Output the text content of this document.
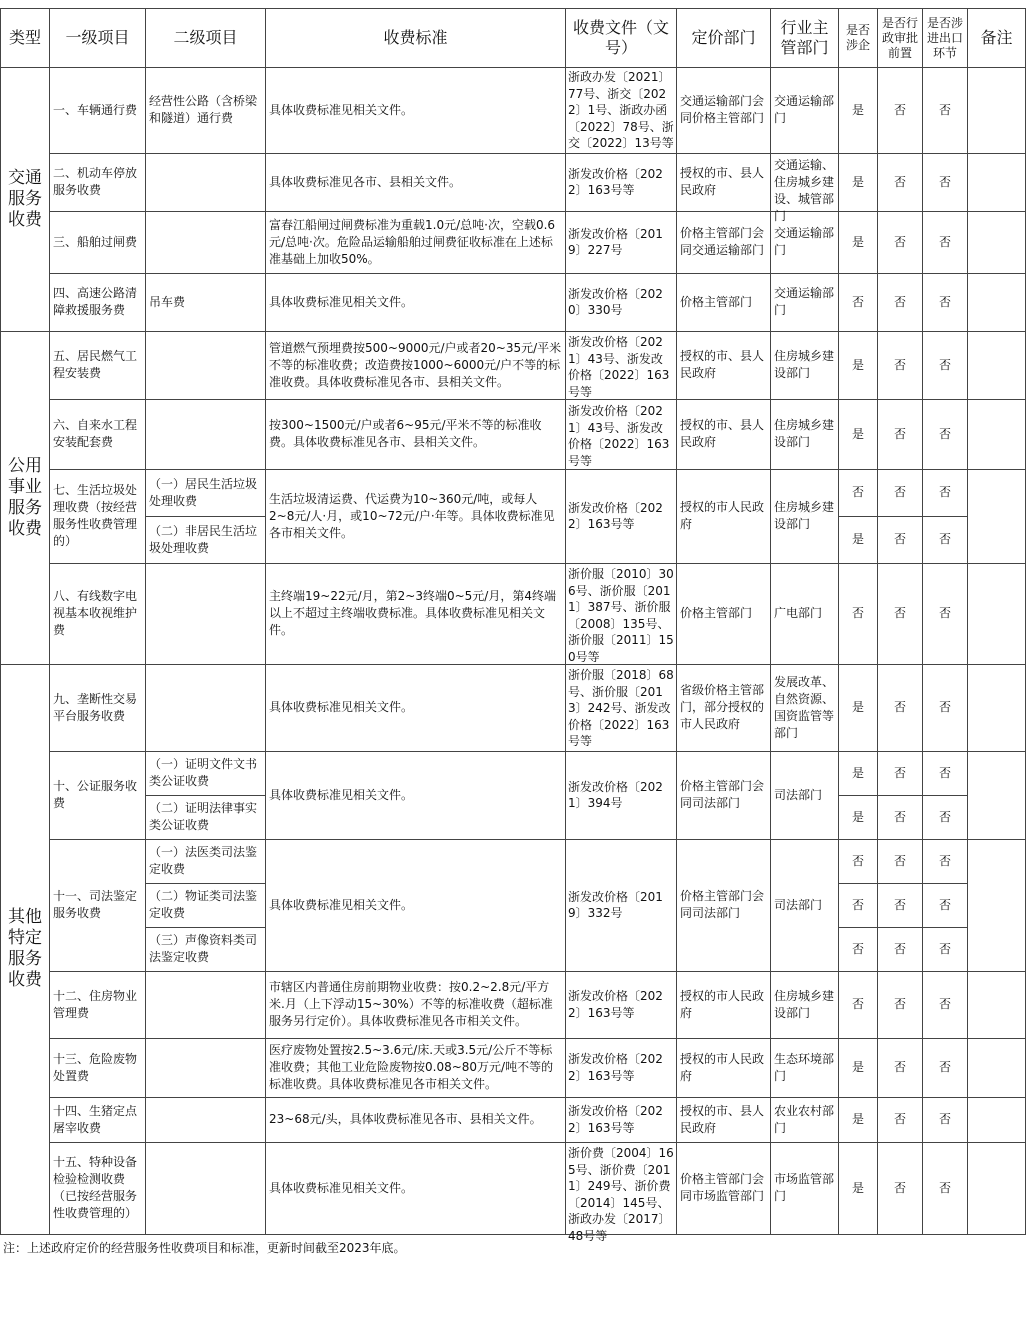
类型	一级项目	二级项目	收费标准	收费文件（文号）	定价部门	行业主管部门	是否涉企	是否行政审批前置	是否涉进出口环节	备注
交通服务收费	一、车辆通行费	经营性公路（含桥梁和隧道）通行费	具体收费标准见相关文件。	浙政办发〔2021〕77号、浙交〔2022〕1号、浙政办函〔2022〕78号、浙交〔2022〕13号等	交通运输部门会同价格主管部门	交通运输部门	是	否	否	
	二、机动车停放服务收费		具体收费标准见各市、县相关文件。	浙发改价格〔2022〕163号等	授权的市、县人民政府	交通运输、住房城乡建设、城管部门	是	否	否	
	三、船舶过闸费		富春江船闸过闸费标准为重载1.0元/总吨·次，空载0.6元/总吨·次。危险品运输船舶过闸费征收标准在上述标准基础上加收50%。	浙发改价格〔2019〕227号	价格主管部门会同交通运输部门	交通运输部门	是	否	否	
	四、高速公路清障救援服务费	吊车费	具体收费标准见相关文件。	浙发改价格〔2020〕330号	价格主管部门	交通运输部门	否	否	否	
公用事业服务收费	五、居民燃气工程安装费		管道燃气预埋费按500~9000元/户或者20~35元/平米不等的标准收费；改造费按1000~6000元/户不等的标准收费。具体收费标准见各市、县相关文件。	浙发改价格〔2021〕43号、浙发改价格〔2022〕163号等	授权的市、县人民政府	住房城乡建设部门	是	否	否	
	六、自来水工程安装配套费		按300~1500元/户或者6~95元/平米不等的标准收费。具体收费标准见各市、县相关文件。	浙发改价格〔2021〕43号、浙发改价格〔2022〕163号等	授权的市、县人民政府	住房城乡建设部门	是	否	否	
	七、生活垃圾处理收费（按经营服务性收费管理的）	（一）居民生活垃圾处理收费	生活垃圾清运费、代运费为10~360元/吨，或每人2~8元/人·月，或10~72元/户·年等。具体收费标准见各市相关文件。	浙发改价格〔2022〕163号等	授权的市人民政府	住房城乡建设部门	否	否	否	
		（二）非居民生活垃圾处理收费					是	否	否	
	八、有线数字电视基本收视维护费		主终端19~22元/月，第2~3终端0~5元/月，第4终端以上不超过主终端收费标准。具体收费标准见相关文件。	浙价服〔2010〕306号、浙价服〔2011〕387号、浙价服〔2008〕135号、浙价服〔2011〕150号等	价格主管部门	广电部门	否	否	否	
其他特定服务收费	九、垄断性交易平台服务收费		具体收费标准见相关文件。	浙价服〔2018〕68号、浙价服〔2013〕242号、浙发改价格〔2022〕163号等	省级价格主管部门，部分授权的市人民政府	发展改革、自然资源、国资监管等部门	是	否	否	
	十、公证服务收费	（一）证明文件文书类公证收费	具体收费标准见相关文件。	浙发改价格〔2021〕394号	价格主管部门会同司法部门	司法部门	是	否	否	
		（二）证明法律事实类公证收费					是	否	否	
	十一、司法鉴定服务收费	（一）法医类司法鉴定收费	具体收费标准见相关文件。	浙发改价格〔2019〕332号	价格主管部门会同司法部门	司法部门	否	否	否	
		（二）物证类司法鉴定收费					否	否	否	
		（三）声像资料类司法鉴定收费					否	否	否	
	十二、住房物业管理费		市辖区内普通住房前期物业收费：按0.2~2.8元/平方米.月（上下浮动15~30%）不等的标准收费（超标准服务另行定价）。具体收费标准见各市相关文件。	浙发改价格〔2022〕163号等	授权的市人民政府	住房城乡建设部门	否	否	否	
	十三、危险废物处置费		医疗废物处置按2.5~3.6元/床.天或3.5元/公斤不等标准收费；其他工业危险废物按0.08~80万元/吨不等的标准收费。具体收费标准见各市相关文件。	浙发改价格〔2022〕163号等	授权的市人民政府	生态环境部门	是	否	否	
	十四、生猪定点屠宰收费		23~68元/头，具体收费标准见各市、县相关文件。	浙发改价格〔2022〕163号等	授权的市、县人民政府	农业农村部门	是	否	否	
	十五、特种设备检验检测收费（已按经营服务性收费管理的）		具体收费标准见相关文件。	浙价费〔2004〕165号、浙价费〔2011〕249号、浙价费〔2014〕145号、浙政办发〔2017〕48号等	价格主管部门会同市场监管部门	市场监管部门	是	否	否	
注：上述政府定价的经营服务性收费项目和标准，更新时间截至2023年底。
